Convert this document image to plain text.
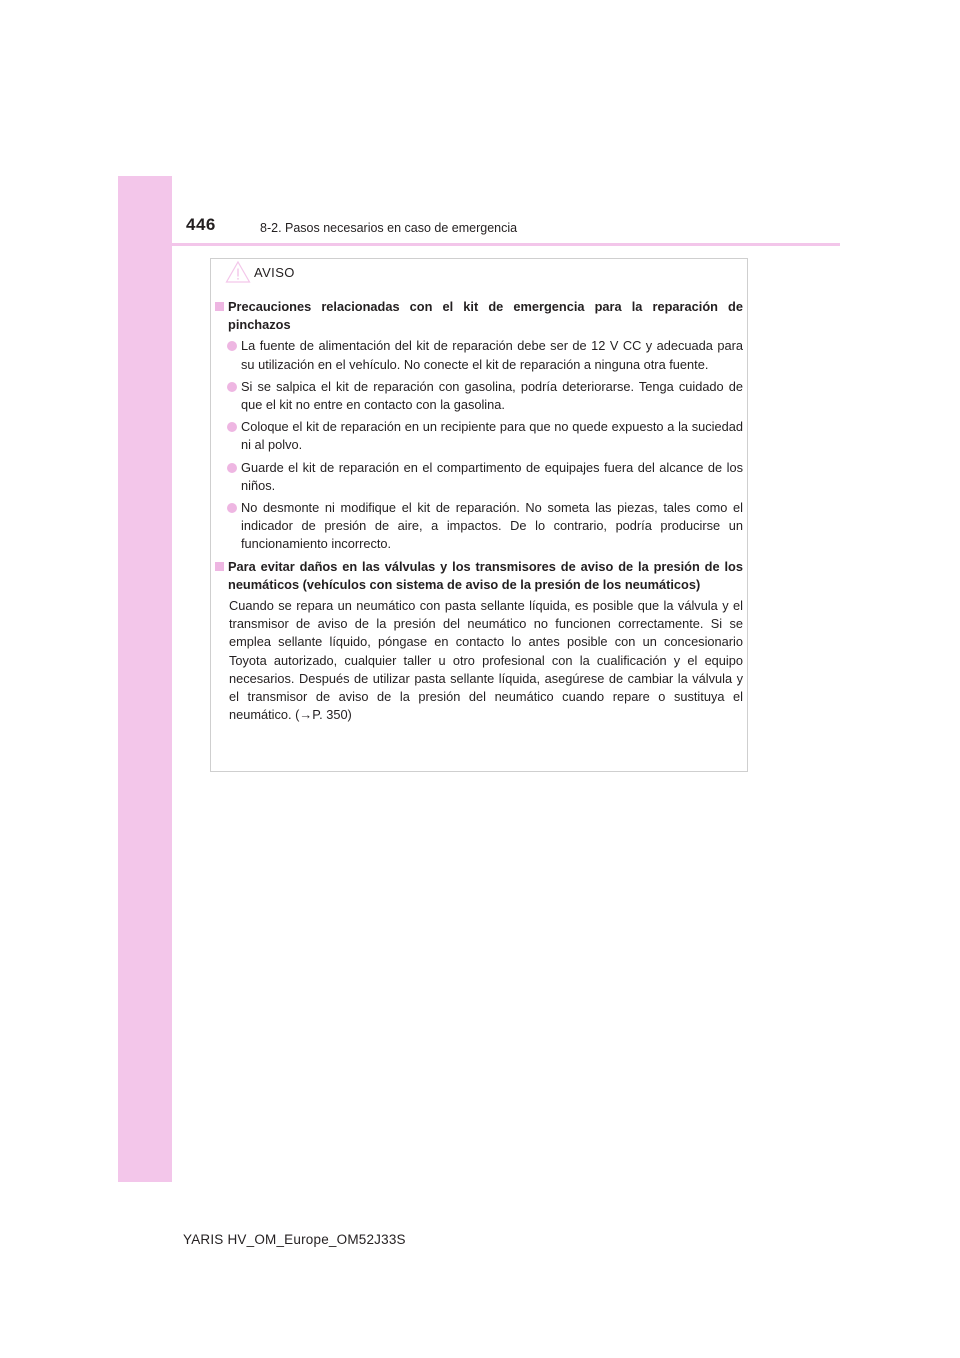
446	8-2. Pasos necesarios en caso de emergencia
AVISO
Precauciones relacionadas con el kit de emergencia para la reparación de pinchazos
La fuente de alimentación del kit de reparación debe ser de 12 V CC y adecuada para su utilización en el vehículo. No conecte el kit de reparación a ninguna otra fuente.
Si se salpica el kit de reparación con gasolina, podría deteriorarse. Tenga cuidado de que el kit no entre en contacto con la gasolina.
Coloque el kit de reparación en un recipiente para que no quede expuesto a la suciedad ni al polvo.
Guarde el kit de reparación en el compartimento de equipajes fuera del alcance de los niños.
No desmonte ni modifique el kit de reparación. No someta las piezas, tales como el indicador de presión de aire, a impactos. De lo contrario, podría producirse un funcionamiento incorrecto.
Para evitar daños en las válvulas y los transmisores de aviso de la presión de los neumáticos (vehículos con sistema de aviso de la presión de los neumáticos)
Cuando se repara un neumático con pasta sellante líquida, es posible que la válvula y el transmisor de aviso de la presión del neumático no funcionen correctamente. Si se emplea sellante líquido, póngase en contacto lo antes posible con un concesionario Toyota autorizado, cualquier taller u otro profesional con la cualificación y el equipo necesarios. Después de utilizar pasta sellante líquida, asegúrese de cambiar la válvula y el transmisor de aviso de la presión del neumático cuando repare o sustituya el neumático. (→P. 350)
YARIS HV_OM_Europe_OM52J33S
